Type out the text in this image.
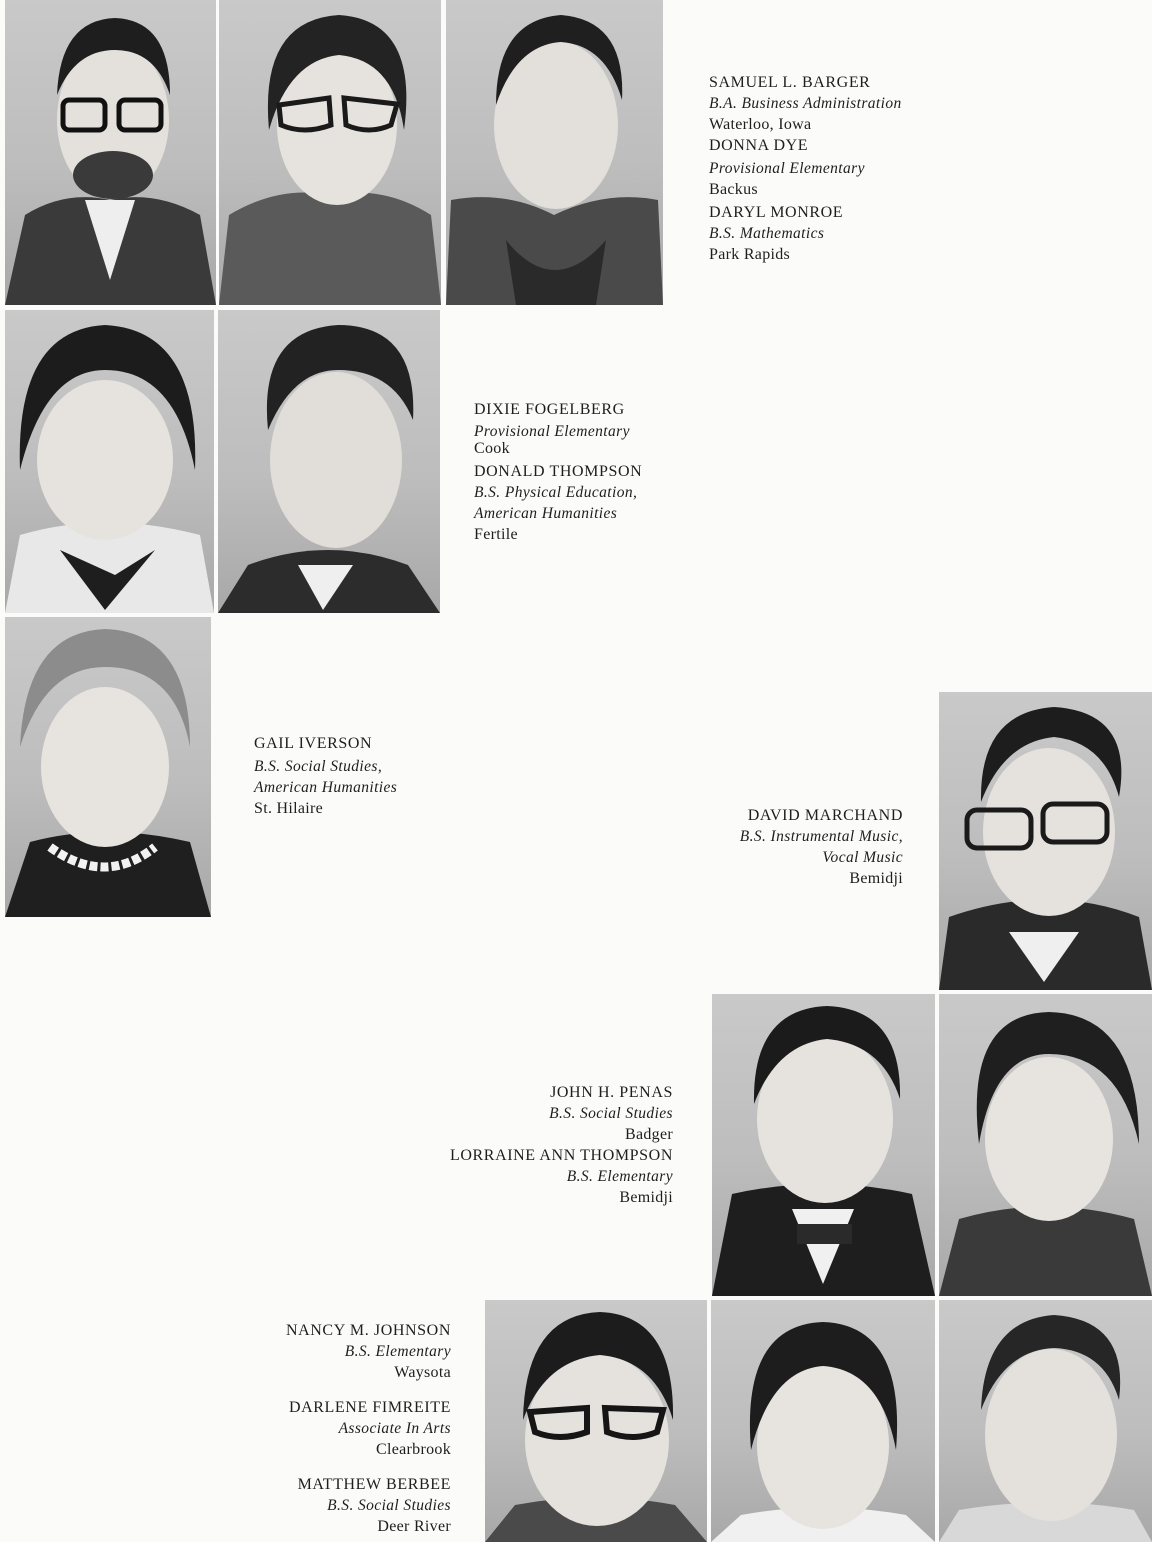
SAMUEL L. BARGER
B.A. Business Administration
Waterloo, Iowa
DONNA DYE
Provisional Elementary
Backus
DARYL MONROE
B.S. Mathematics
Park Rapids
DIXIE FOGELBERG
Provisional Elementary
Cook
DONALD THOMPSON
B.S. Physical Education,
American Humanities
Fertile
GAIL IVERSON
B.S. Social Studies,
American Humanities
St. Hilaire	DAVID MARCHAND
B.S. Instrumental Music,
Vocal Music
Bemidji
JOHN H. PENAS
B.S. Social Studies
Badger
LORRAINE ANN THOMPSON
B.S. Elementary
Bemidji
NANCY M. JOHNSON
B.S. Elementary
Waysota
DARLENE FIMREITE
Associate In Arts
Clearbrook
MATTHEW BERBEE
B.S. Social Studies
Deer River
